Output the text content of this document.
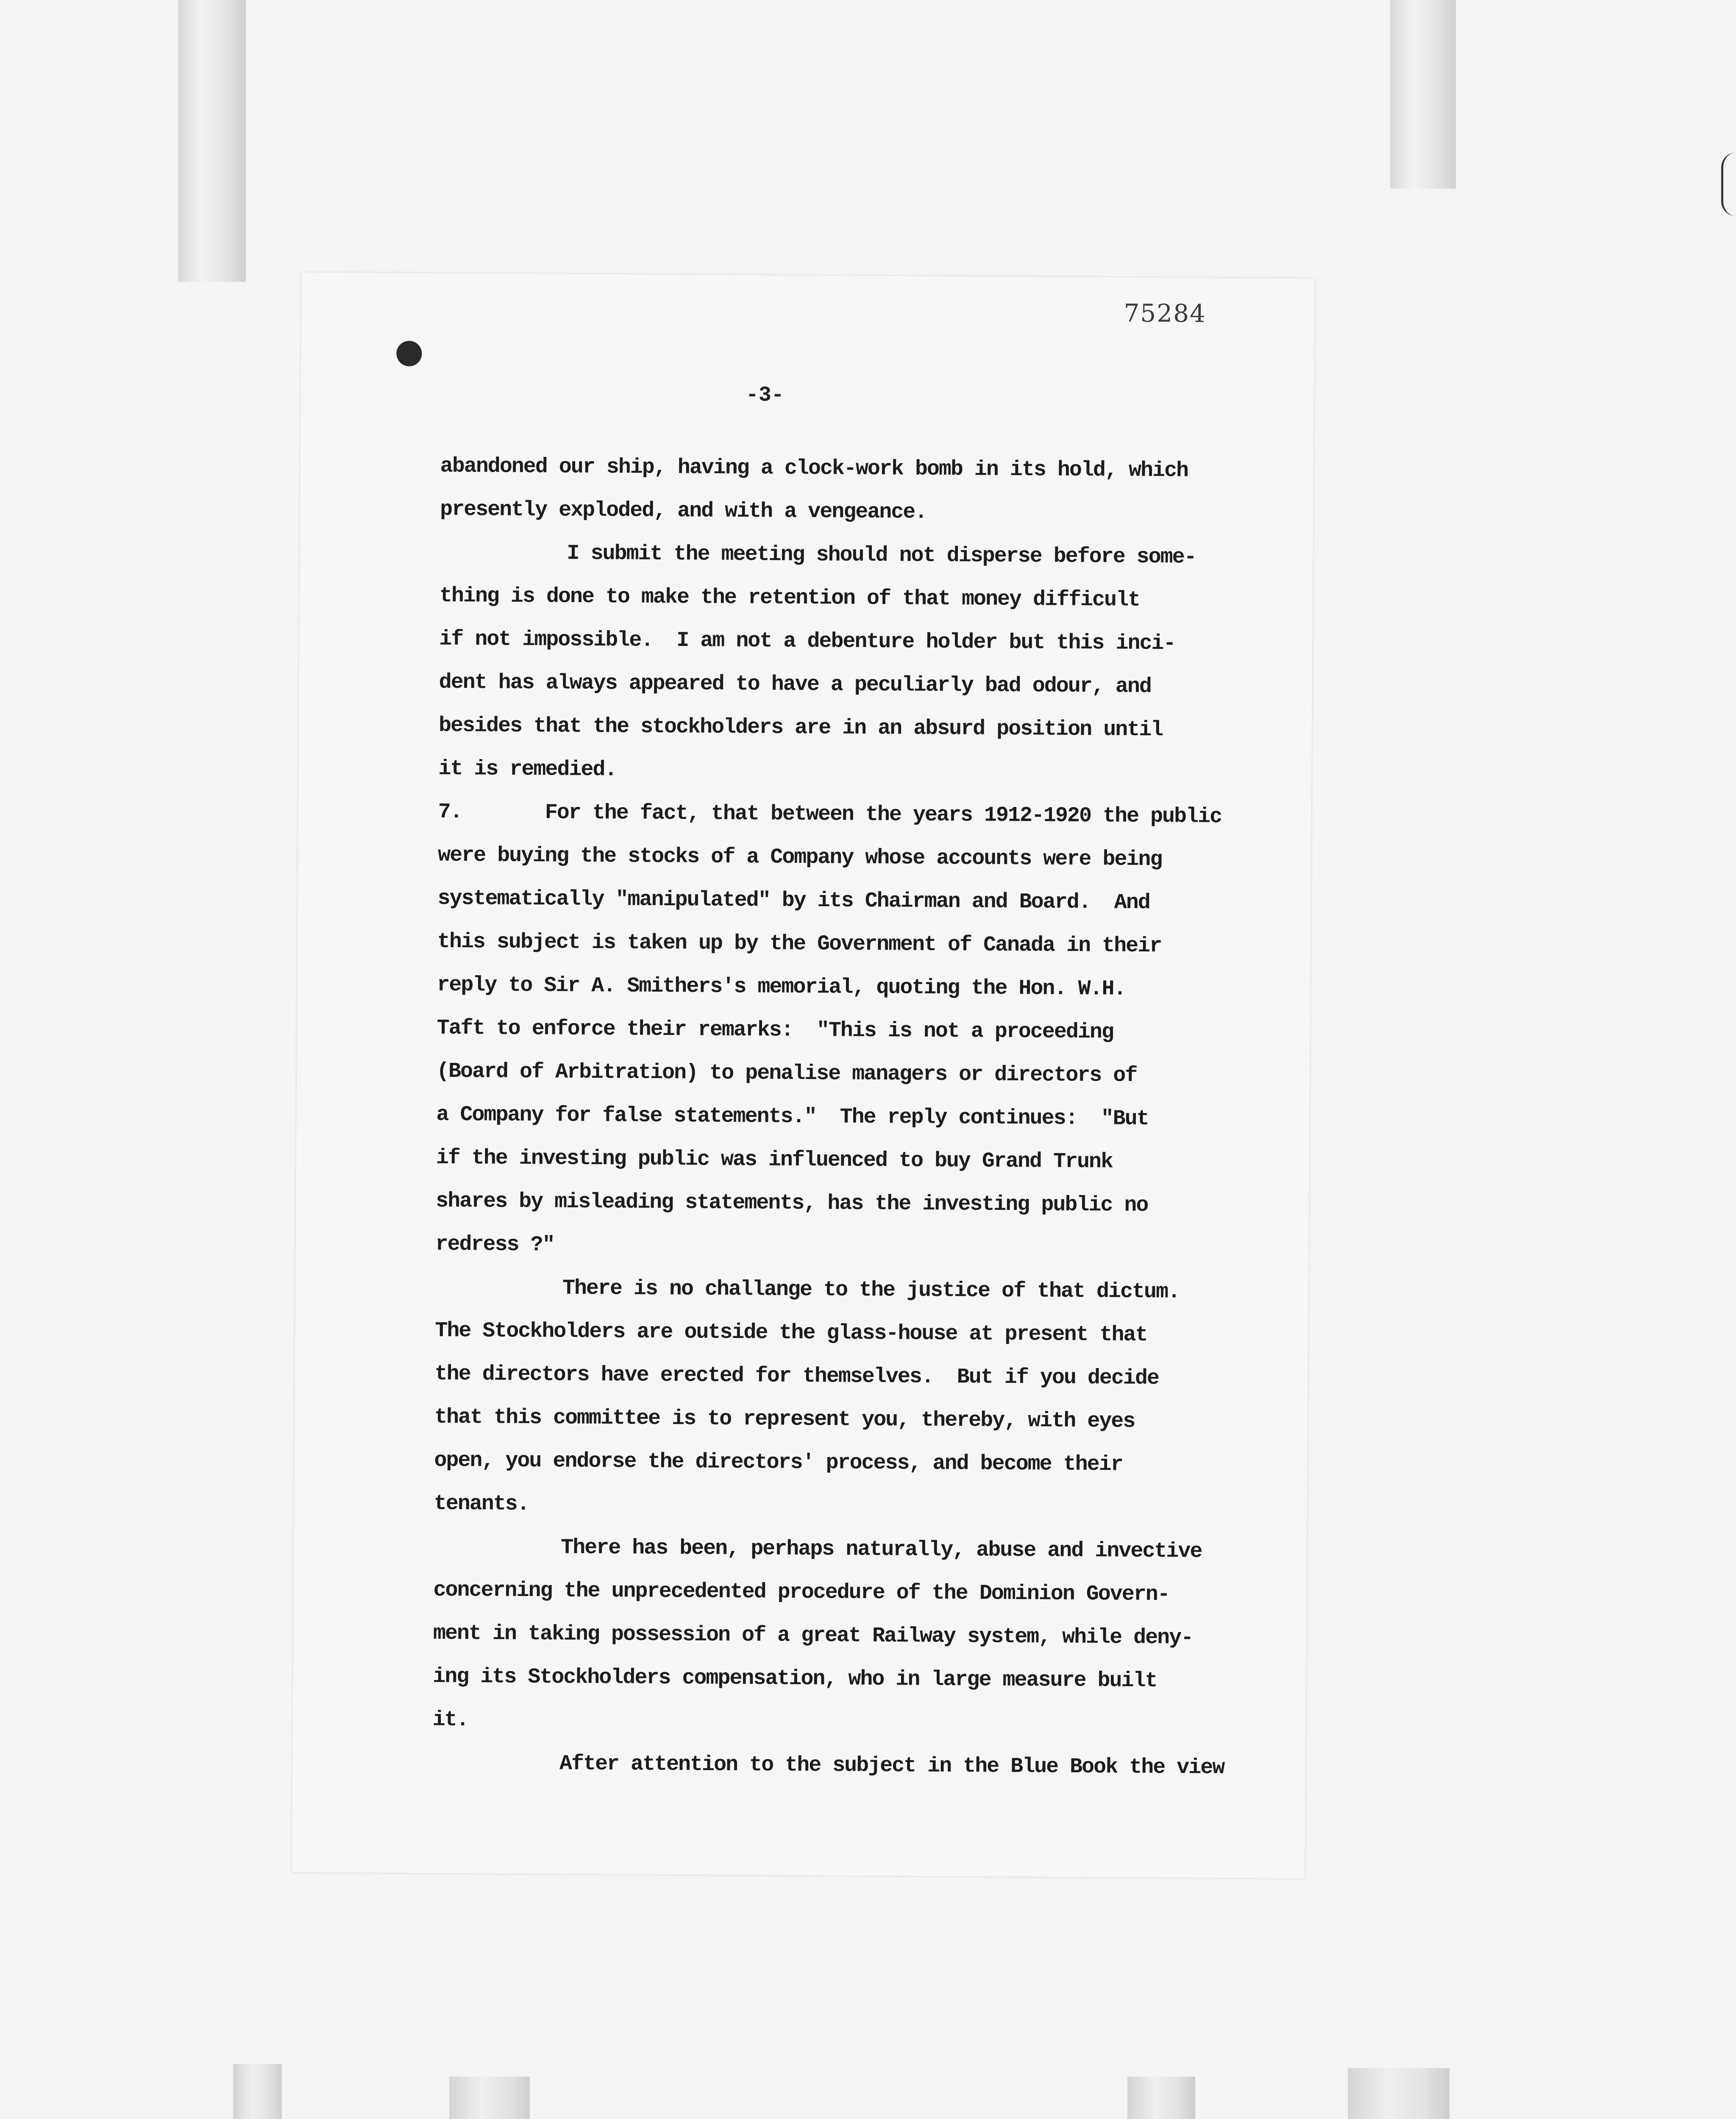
75284
-3-
abandoned our ship, having a clock-work bomb in its hold, which
presently exploded, and with a vengeance.
I submit the meeting should not disperse before some-
thing is done to make the retention of that money difficult
if not impossible.  I am not a debenture holder but this inci-
dent has always appeared to have a peculiarly bad odour, and
besides that the stockholders are in an absurd position until
it is remedied.
7.       For the fact, that between the years 1912-1920 the public
were buying the stocks of a Company whose accounts were being
systematically "manipulated" by its Chairman and Board.  And
this subject is taken up by the Government of Canada in their
reply to Sir A. Smithers's memorial, quoting the Hon. W.H.
Taft to enforce their remarks:  "This is not a proceeding
(Board of Arbitration) to penalise managers or directors of
a Company for false statements."  The reply continues:  "But
if the investing public was influenced to buy Grand Trunk
shares by misleading statements, has the investing public no
redress ?"
There is no challange to the justice of that dictum.
The Stockholders are outside the glass-house at present that
the directors have erected for themselves.  But if you decide
that this committee is to represent you, thereby, with eyes
open, you endorse the directors' process, and become their
tenants.
There has been, perhaps naturally, abuse and invective
concerning the unprecedented procedure of the Dominion Govern-
ment in taking possession of a great Railway system, while deny-
ing its Stockholders compensation, who in large measure built
it.
After attention to the subject in the Blue Book the view
